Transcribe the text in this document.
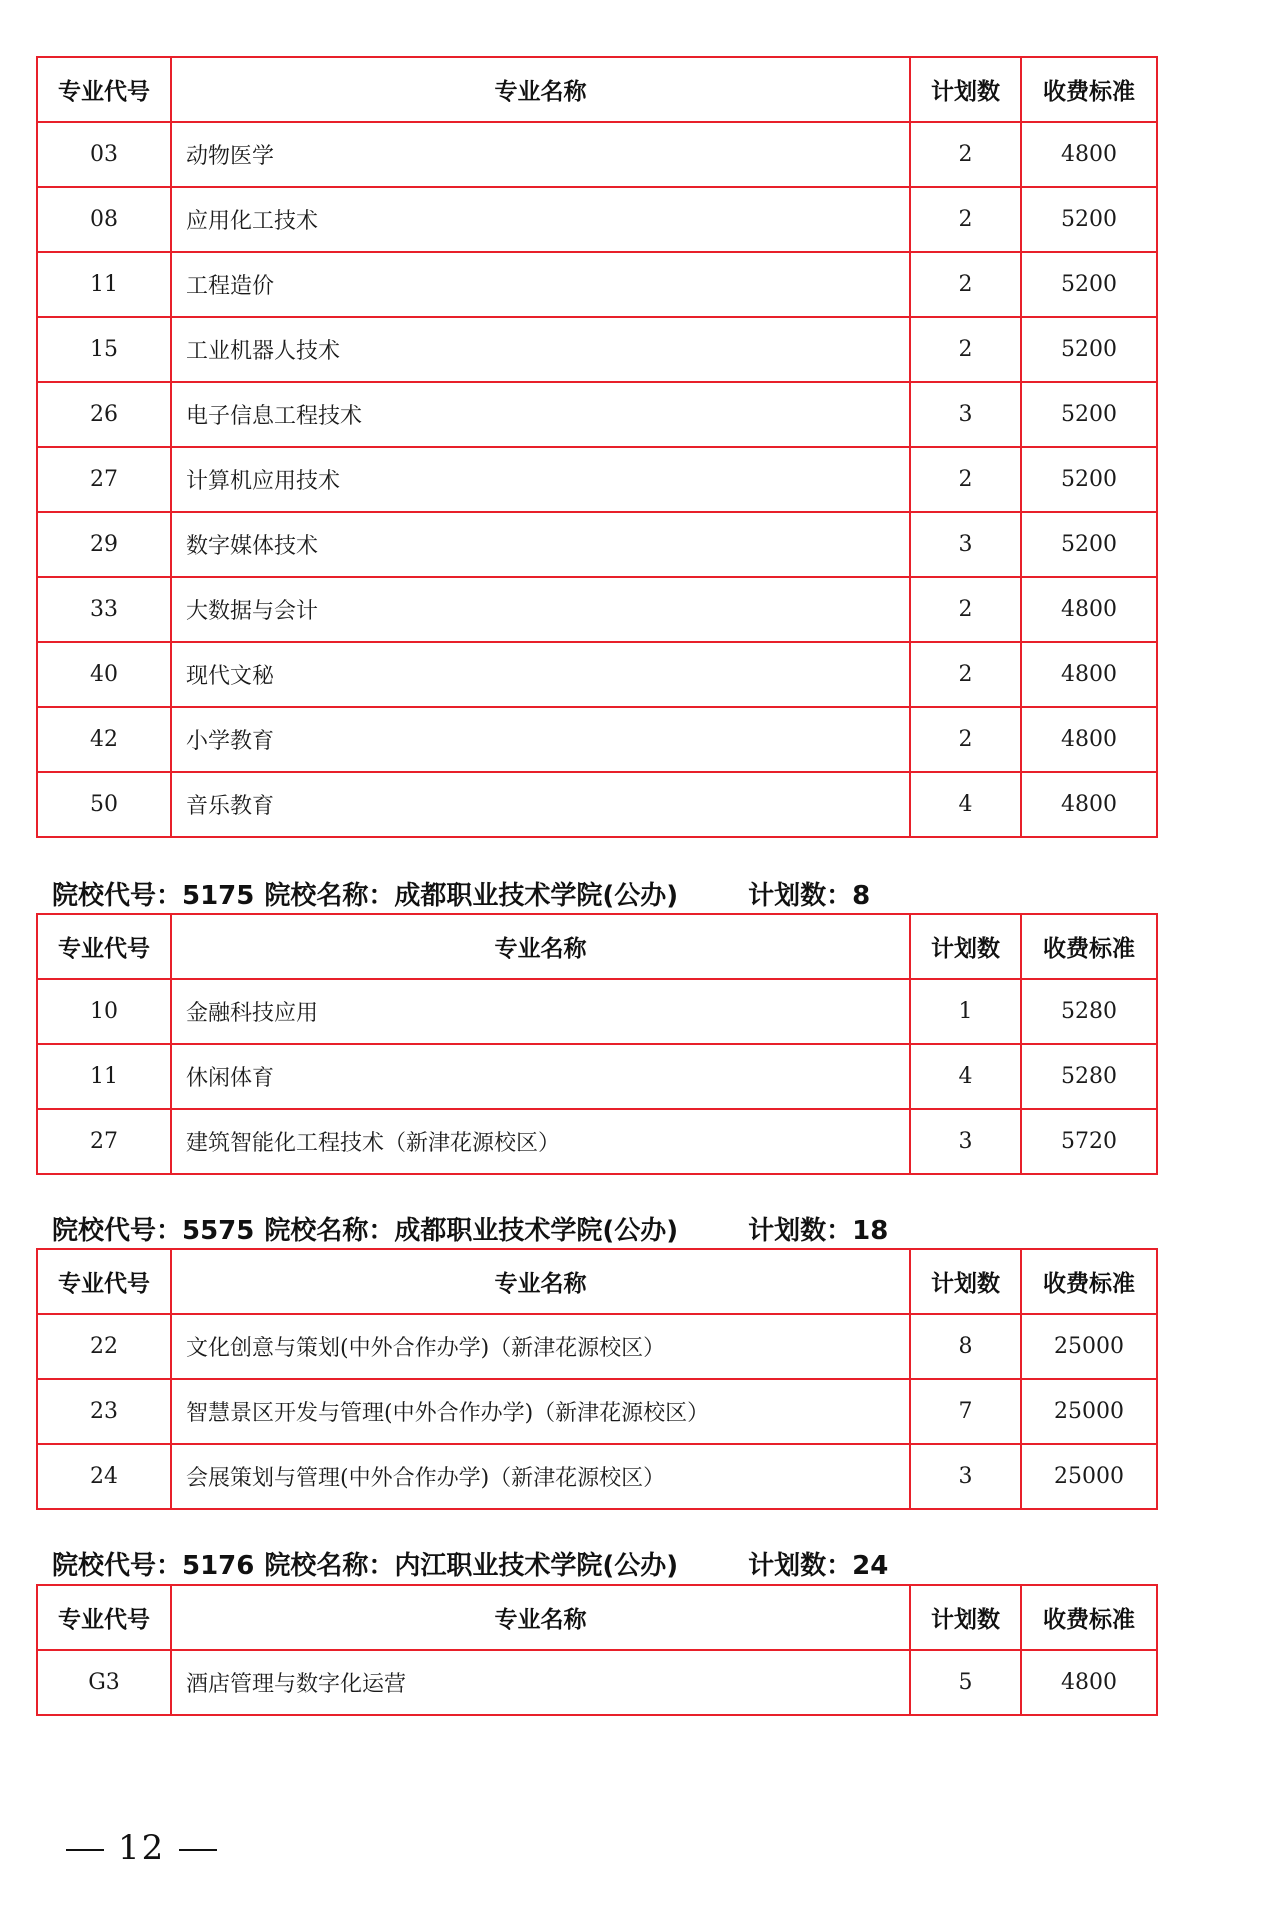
专业代号	专业名称	计划数	收费标准
03	动物医学	2	4800
08	应用化工技术	2	5200
11	工程造价	2	5200
15	工业机器人技术	2	5200
26	电子信息工程技术	3	5200
27	计算机应用技术	2	5200
29	数字媒体技术	3	5200
33	大数据与会计	2	4800
40	现代文秘	2	4800
42	小学教育	2	4800
50	音乐教育	4	4800
院校代号：5175 院校名称：成都职业技术学院(公办)	计划数：8
专业代号	专业名称	计划数	收费标准
10	金融科技应用	1	5280
11	休闲体育	4	5280
27	建筑智能化工程技术（新津花源校区）	3	5720
院校代号：5575 院校名称：成都职业技术学院(公办)	计划数：18
专业代号	专业名称	计划数	收费标准
22	文化创意与策划(中外合作办学)（新津花源校区）	8	25000
23	智慧景区开发与管理(中外合作办学)（新津花源校区）	7	25000
24	会展策划与管理(中外合作办学)（新津花源校区）	3	25000
院校代号：5176 院校名称：内江职业技术学院(公办)	计划数：24
专业代号	专业名称	计划数	收费标准
G3	酒店管理与数字化运营	5	4800
12
